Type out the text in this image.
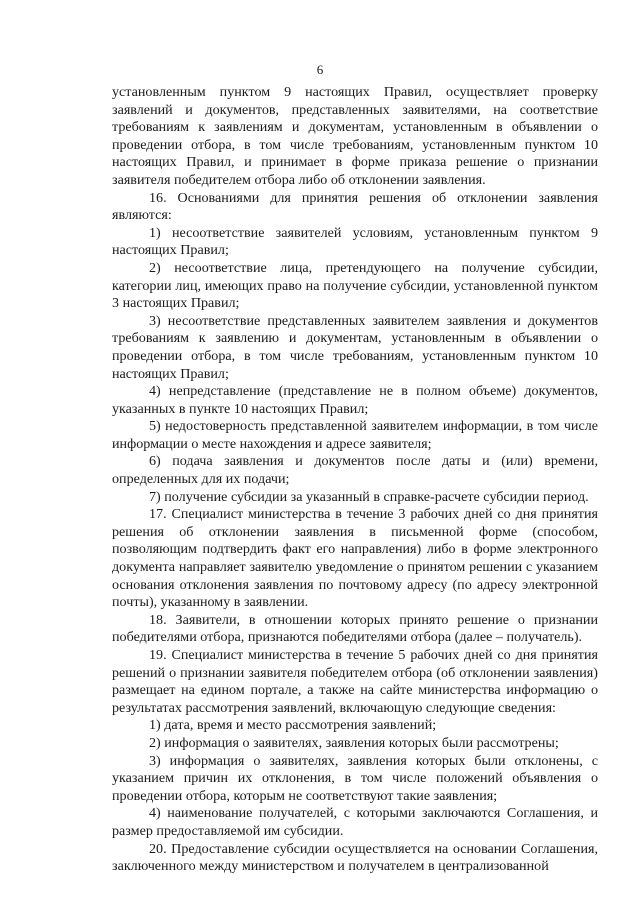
6

установленным пунктом 9 настоящих Правил, осуществляет проверку заявлений и документов, представленных заявителями, на соответствие требованиям к заявлениям и документам, установленным в объявлении о проведении отбора, в том числе требованиям, установленным пунктом 10 настоящих Правил, и принимает в форме приказа решение о признании заявителя победителем отбора либо об отклонении заявления.

16. Основаниями для принятия решения об отклонении заявления являются:

1) несоответствие заявителей условиям, установленным пунктом 9 настоящих Правил;

2) несоответствие лица, претендующего на получение субсидии, категории лиц, имеющих право на получение субсидии, установленной пунктом 3 настоящих Правил;

3) несоответствие представленных заявителем заявления и документов требованиям к заявлению и документам, установленным в объявлении о проведении отбора, в том числе требованиям, установленным пунктом 10 настоящих Правил;

4) непредставление (представление не в полном объеме) документов, указанных в пункте 10 настоящих Правил;

5) недостоверность представленной заявителем информации, в том числе информации о месте нахождения и адресе заявителя;

6) подача заявления и документов после даты и (или) времени, определенных для их подачи;

7) получение субсидии за указанный в справке-расчете субсидии период.

17. Специалист министерства в течение 3 рабочих дней со дня принятия решения об отклонении заявления в письменной форме (способом, позволяющим подтвердить факт его направления) либо в форме электронного документа направляет заявителю уведомление о принятом решении с указанием основания отклонения заявления по почтовому адресу (по адресу электронной почты), указанному в заявлении.

18. Заявители, в отношении которых принято решение о признании победителями отбора, признаются победителями отбора (далее – получатель).

19. Специалист министерства в течение 5 рабочих дней со дня принятия решений о признании заявителя победителем отбора (об отклонении заявления) размещает на едином портале, а также на сайте министерства информацию о результатах рассмотрения заявлений, включающую следующие сведения:

1) дата, время и место рассмотрения заявлений;

2) информация о заявителях, заявления которых были рассмотрены;

3) информация о заявителях, заявления которых были отклонены, с указанием причин их отклонения, в том числе положений объявления о проведении отбора, которым не соответствуют такие заявления;

4) наименование получателей, с которыми заключаются Соглашения, и размер предоставляемой им субсидии.

20. Предоставление субсидии осуществляется на основании Соглашения, заключенного между министерством и получателем в централизованной
